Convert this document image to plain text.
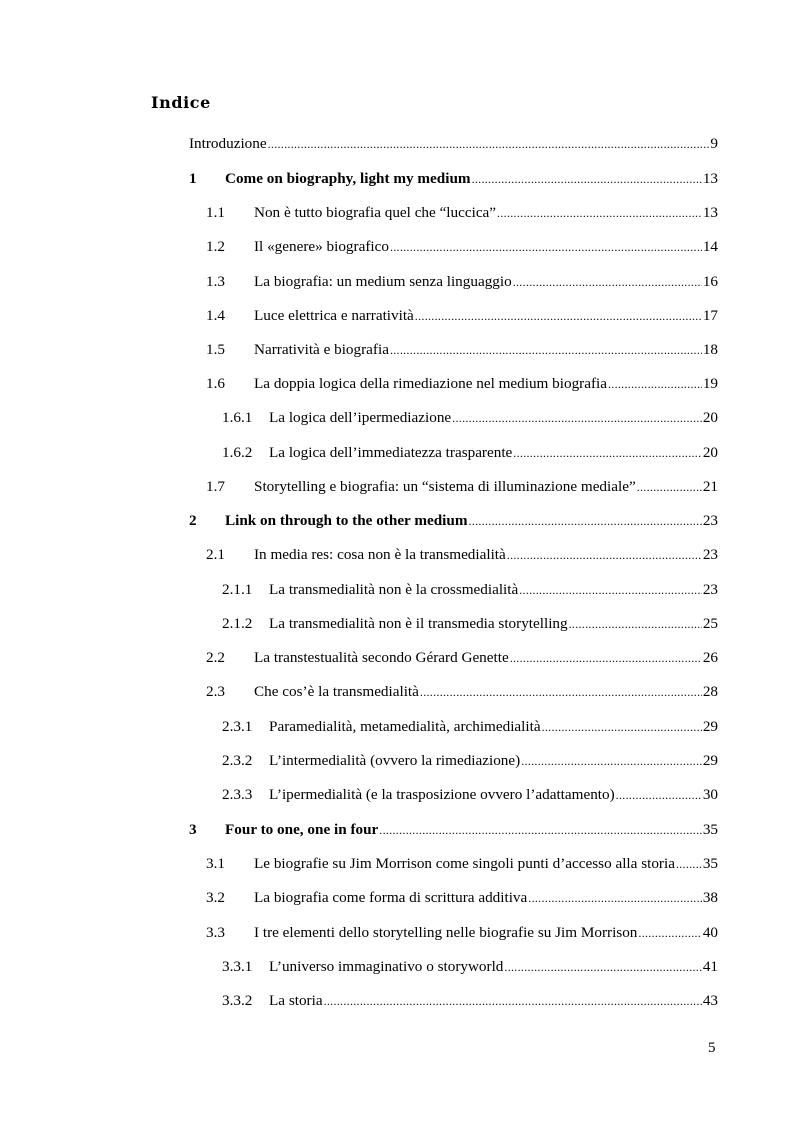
Indice
Introduzione .....	9
1	Come on biography, light my medium .....	13
1.1	Non è tutto biografia quel che “luccica” .....	13
1.2	Il «genere» biografico .....	14
1.3	La biografia: un medium senza linguaggio .....	16
1.4	Luce elettrica e narratività .....	17
1.5	Narratività e biografia .....	18
1.6	La doppia logica della rimediazione nel medium biografia .....	19
1.6.1	La logica dell’ipermediazione .....	20
1.6.2	La logica dell’immediatezza trasparente .....	20
1.7	Storytelling e biografia: un “sistema di illuminazione mediale” .....	21
2	Link on through to the other medium .....	23
2.1	In media res: cosa non è la transmedialità .....	23
2.1.1	La transmedialità non è la crossmedialità .....	23
2.1.2	La transmedialità non è il transmedia storytelling .....	25
2.2	La transtestualità secondo Gérard Genette .....	26
2.3	Che cos’è la transmedialità .....	28
2.3.1	Paramedialità, metamedialità, archimedialità .....	29
2.3.2	L’intermedialità (ovvero la rimediazione) .....	29
2.3.3	L’ipermedialità (e la trasposizione ovvero l’adattamento) .....	30
3	Four to one, one in four .....	35
3.1	Le biografie su Jim Morrison come singoli punti d’accesso alla storia ..... 35
3.2	La biografia come forma di scrittura additiva .....	38
3.3	I tre elementi dello storytelling nelle biografie su Jim Morrison .....	40
3.3.1	L’universo immaginativo o storyworld .....	41
3.3.2	La storia .....	43
5
